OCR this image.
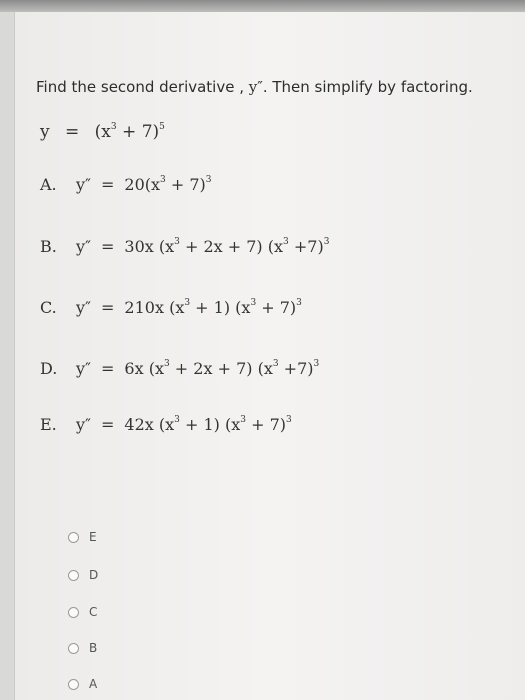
Find the second derivative , y″. Then simplify by factoring.
$y = (x^3 + 7)^5$
A. $y'' = 20(x^3 + 7)^3$
B. y″ = 30x $(x^3 + 2x + 7)$ $(x^3 +7)^3$
C. y″ = 210x $(x^3 + 1) (x^3 + 7)^3$
D. y″ = 6x $(x^3 + 2x + 7)$ $(x^3 +7)^3$
E. y″ = 42x $(x^3 + 1) (x^3 + 7)^3$
E
D
C
B
A
